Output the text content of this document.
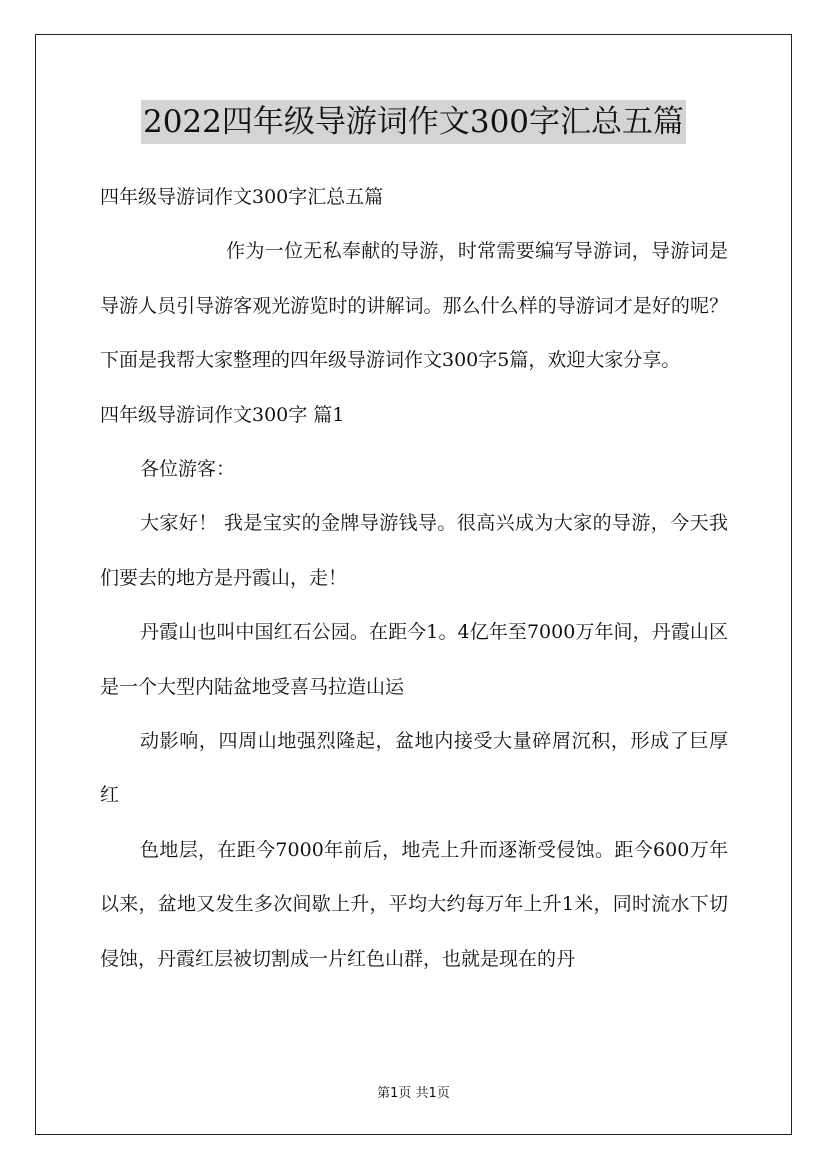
2022四年级导游词作文300字汇总五篇

四年级导游词作文300字汇总五篇

作为一位无私奉献的导游，时常需要编写导游词，导游词是导游人员引导游客观光游览时的讲解词。那么什么样的导游词才是好的呢？下面是我帮大家整理的四年级导游词作文300字5篇，欢迎大家分享。

四年级导游词作文300字 篇1

各位游客：

大家好！ 我是宝实的金牌导游钱导。很高兴成为大家的导游，今天我们要去的地方是丹霞山，走！

丹霞山也叫中国红石公园。在距今1。4亿年至7000万年间，丹霞山区是一个大型内陆盆地受喜马拉造山运

动影响，四周山地强烈隆起，盆地内接受大量碎屑沉积，形成了巨厚红

色地层，在距今7000年前后，地壳上升而逐渐受侵蚀。距今600万年以来，盆地又发生多次间歇上升，平均大约每万年上升1米，同时流水下切侵蚀，丹霞红层被切割成一片红色山群，也就是现在的丹

第1页 共1页
